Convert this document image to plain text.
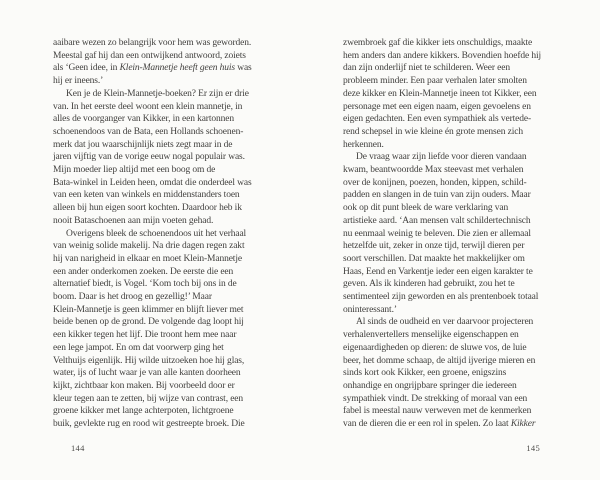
aaibare wezen zo belangrijk voor hem was geworden.
Meestal gaf hij dan een ontwijkend antwoord, zoiets
als ‘Geen idee, in Klein-Mannetje heeft geen huis was
hij er ineens.’
Ken je de Klein-Mannetje-boeken? Er zijn er drie
van. In het eerste deel woont een klein mannetje, in
alles de voorganger van Kikker, in een kartonnen
schoenendoos van de Bata, een Hollands schoenen-
merk dat jou waarschijnlijk niets zegt maar in de
jaren vijftig van de vorige eeuw nogal populair was.
Mijn moeder liep altijd met een boog om de
Bata-winkel in Leiden heen, omdat die onderdeel was
van een keten van winkels en middenstanders toen
alleen bij hun eigen soort kochten. Daardoor heb ik
nooit Bataschoenen aan mijn voeten gehad.
Overigens bleek de schoenendoos uit het verhaal
van weinig solide makelij. Na drie dagen regen zakt
hij van narigheid in elkaar en moet Klein-Mannetje
een ander onderkomen zoeken. De eerste die een
alternatief biedt, is Vogel. ‘Kom toch bij ons in de
boom. Daar is het droog en gezellig!’ Maar
Klein-Mannetje is geen klimmer en blijft liever met
beide benen op de grond. De volgende dag loopt hij
een kikker tegen het lijf. Die troont hem mee naar
een lege jampot. En om dat voorwerp ging het
Velthuijs eigenlijk. Hij wilde uitzoeken hoe hij glas,
water, ijs of lucht waar je van alle kanten doorheen
kijkt, zichtbaar kon maken. Bij voorbeeld door er
kleur tegen aan te zetten, bij wijze van contrast, een
groene kikker met lange achterpoten, lichtgroene
buik, gevlekte rug en rood wit gestreepte broek. Die
zwembroek gaf die kikker iets onschuldigs, maakte
hem anders dan andere kikkers. Bovendien hoefde hij
dan zijn onderlijf niet te schilderen. Weer een
probleem minder. Een paar verhalen later smolten
deze kikker en Klein-Mannetje ineen tot Kikker, een
personage met een eigen naam, eigen gevoelens en
eigen gedachten. Een even sympathiek als vertede-
rend schepsel in wie kleine én grote mensen zich
herkennen.
De vraag waar zijn liefde voor dieren vandaan
kwam, beantwoordde Max steevast met verhalen
over de konijnen, poezen, honden, kippen, schild-
padden en slangen in de tuin van zijn ouders. Maar
ook op dit punt bleek de ware verklaring van
artistieke aard. ‘Aan mensen valt schildertechnisch
nu eenmaal weinig te beleven. Die zien er allemaal
hetzelfde uit, zeker in onze tijd, terwijl dieren per
soort verschillen. Dat maakte het makkelijker om
Haas, Eend en Varkentje ieder een eigen karakter te
geven. Als ik kinderen had gebruikt, zou het te
sentimenteel zijn geworden en als prentenboek totaal
oninteressant.’
Al sinds de oudheid en ver daarvoor projecteren
verhalenvertellers menselijke eigenschappen en
eigenaardigheden op dieren: de sluwe vos, de luie
beer, het domme schaap, de altijd ijverige mieren en
sinds kort ook Kikker, een groene, enigszins
onhandige en ongrijpbare springer die iedereen
sympathiek vindt. De strekking of moraal van een
fabel is meestal nauw verweven met de kenmerken
van de dieren die er een rol in spelen. Zo laat Kikker
144	145
